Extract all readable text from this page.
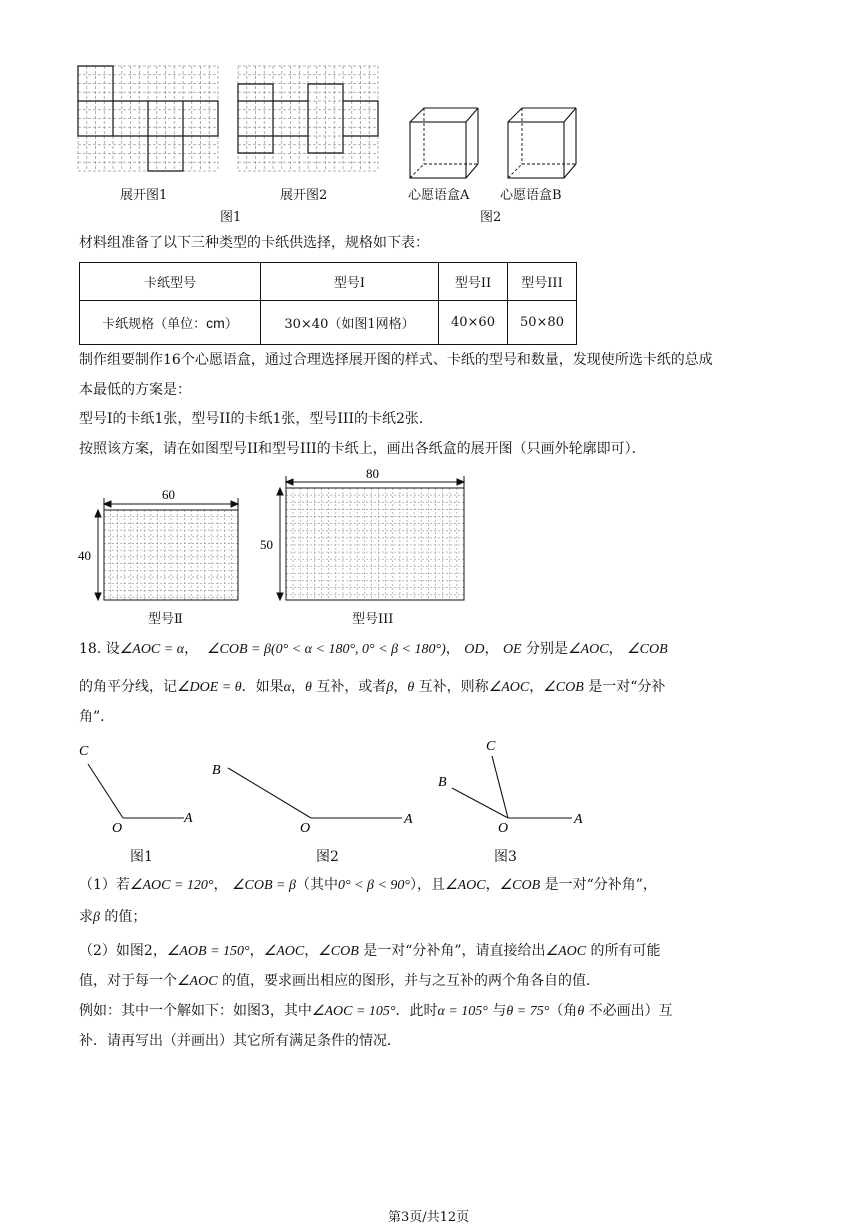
展开图1	展开图2
图1
心愿语盒A 心愿语盒B
图2
材料组准备了以下三种类型的卡纸供选择，规格如下表：
卡纸型号	型号I	型号II	型号III
卡纸规格（单位：cm）	30×40（如图1网格）	40×60	50×80
制作组要制作16个心愿语盒，通过合理选择展开图的样式、卡纸的型号和数量，发现使所选卡纸的总成
本最低的方案是：
型号I的卡纸1张，型号II的卡纸1张，型号III的卡纸2张．
按照该方案，请在如图型号II和型号III的卡纸上，画出各纸盒的展开图（只画外轮廓即可）．
60
40
型号Ⅱ
80
50
型号III
18. 设∠AOC = α， ∠COB = β(0° < α < 180°, 0° < β < 180°)， OD， OE 分别是∠AOC， ∠COB
的角平分线，记∠DOE = θ．如果α，θ 互补，或者β，θ 互补，则称∠AOC，∠COB 是一对“分补
角”．
C
O
A
图1
B
O
A
图2
C
B
O
A
图3
（1）若∠AOC = 120°， ∠COB = β（其中0° < β < 90°），且∠AOC，∠COB 是一对“分补角”，
求β 的值；
（2）如图2，∠AOB = 150°，∠AOC，∠COB 是一对“分补角”，请直接给出∠AOC 的所有可能
值，对于每一个∠AOC 的值，要求画出相应的图形，并与之互补的两个角各自的值．
例如：其中一个解如下：如图3，其中∠AOC = 105°．此时α = 105° 与θ = 75°（角θ 不必画出）互
补．请再写出（并画出）其它所有满足条件的情况．
第3页/共12页
